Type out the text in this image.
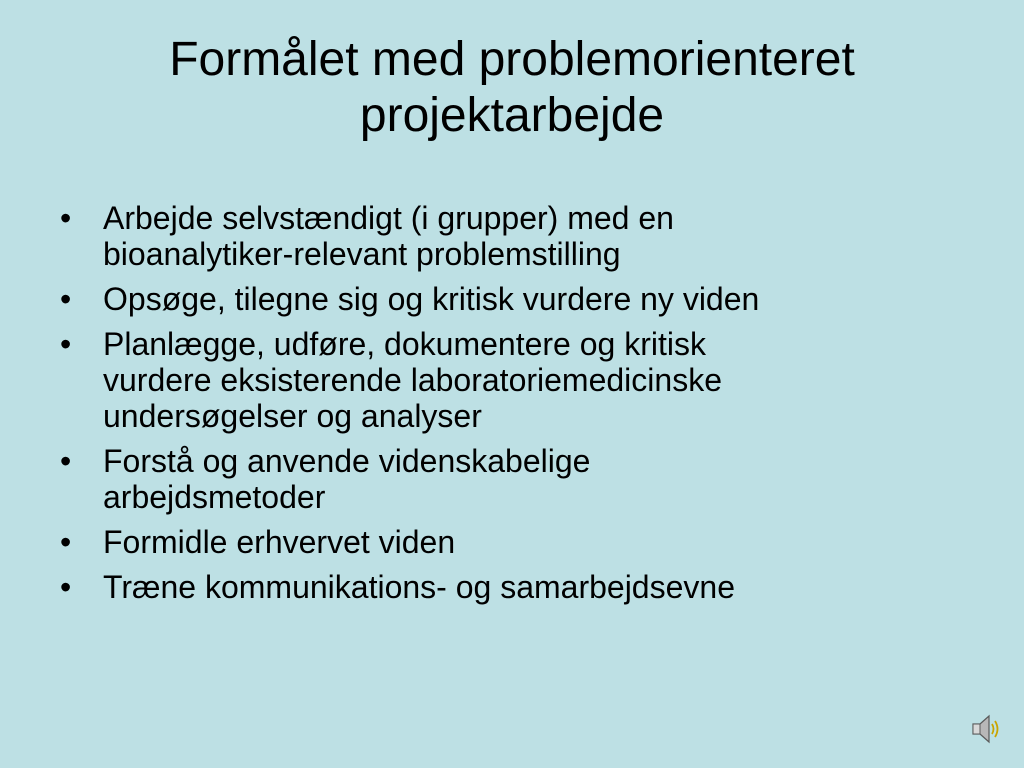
Formålet med problemorienteret
projektarbejde
• Arbejde selvstændigt (i grupper) med en
bioanalytiker-relevant problemstilling
• Opsøge, tilegne sig og kritisk vurdere ny viden
• Planlægge, udføre, dokumentere og kritisk
vurdere eksisterende laboratoriemedicinske
undersøgelser og analyser
• Forstå og anvende videnskabelige
arbejdsmetoder
• Formidle erhvervet viden
• Træne kommunikations- og samarbejdsevne
